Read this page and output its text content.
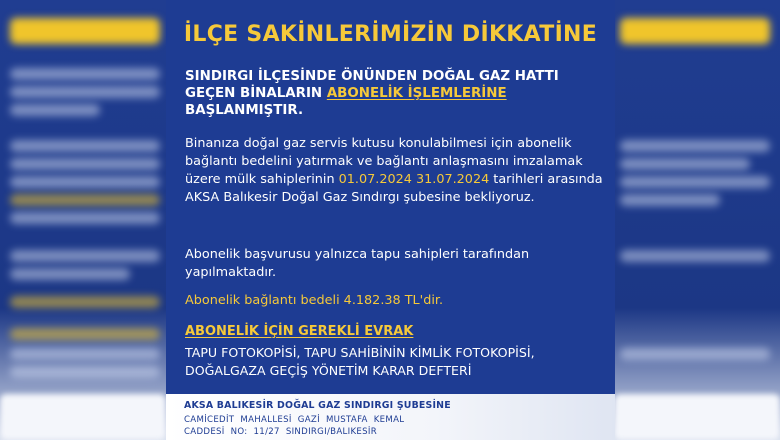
İLÇE SAKİNLERİMİZİN DİKKATİNE

SINDIRGI İLÇESİNDE ÖNÜNDEN DOĞAL GAZ HATTI GEÇEN BİNALARIN ABONELİK İŞLEMLERİNE BAŞLANMIŞTIR.

Binanıza doğal gaz servis kutusu konulabilmesi için abonelik bağlantı bedelini yatırmak ve bağlantı anlaşmasını imzalamak üzere mülk sahiplerinin 01.07.2024 31.07.2024 tarihleri arasında AKSA Balıkesir Doğal Gaz Sındırgı şubesine bekliyoruz.

Abonelik başvurusu yalnızca tapu sahipleri tarafından yapılmaktadır.

Abonelik bağlantı bedeli 4.182.38 TL'dir.

ABONELİK İÇİN GEREKLİ EVRAK

TAPU FOTOKOPİSİ, TAPU SAHİBİNİN KİMLİK FOTOKOPİSİ, DOĞALGAZA GEÇİŞ YÖNETİM KARAR DEFTERİ

AKSA BALIKESİR DOĞAL GAZ SINDIRGI ŞUBESİNE

CAMİCEDİT MAHALLESİ GAZİ MUSTAFA KEMAL
CADDESİ NO: 11/27 SINDIRGI/BALIKESİR
